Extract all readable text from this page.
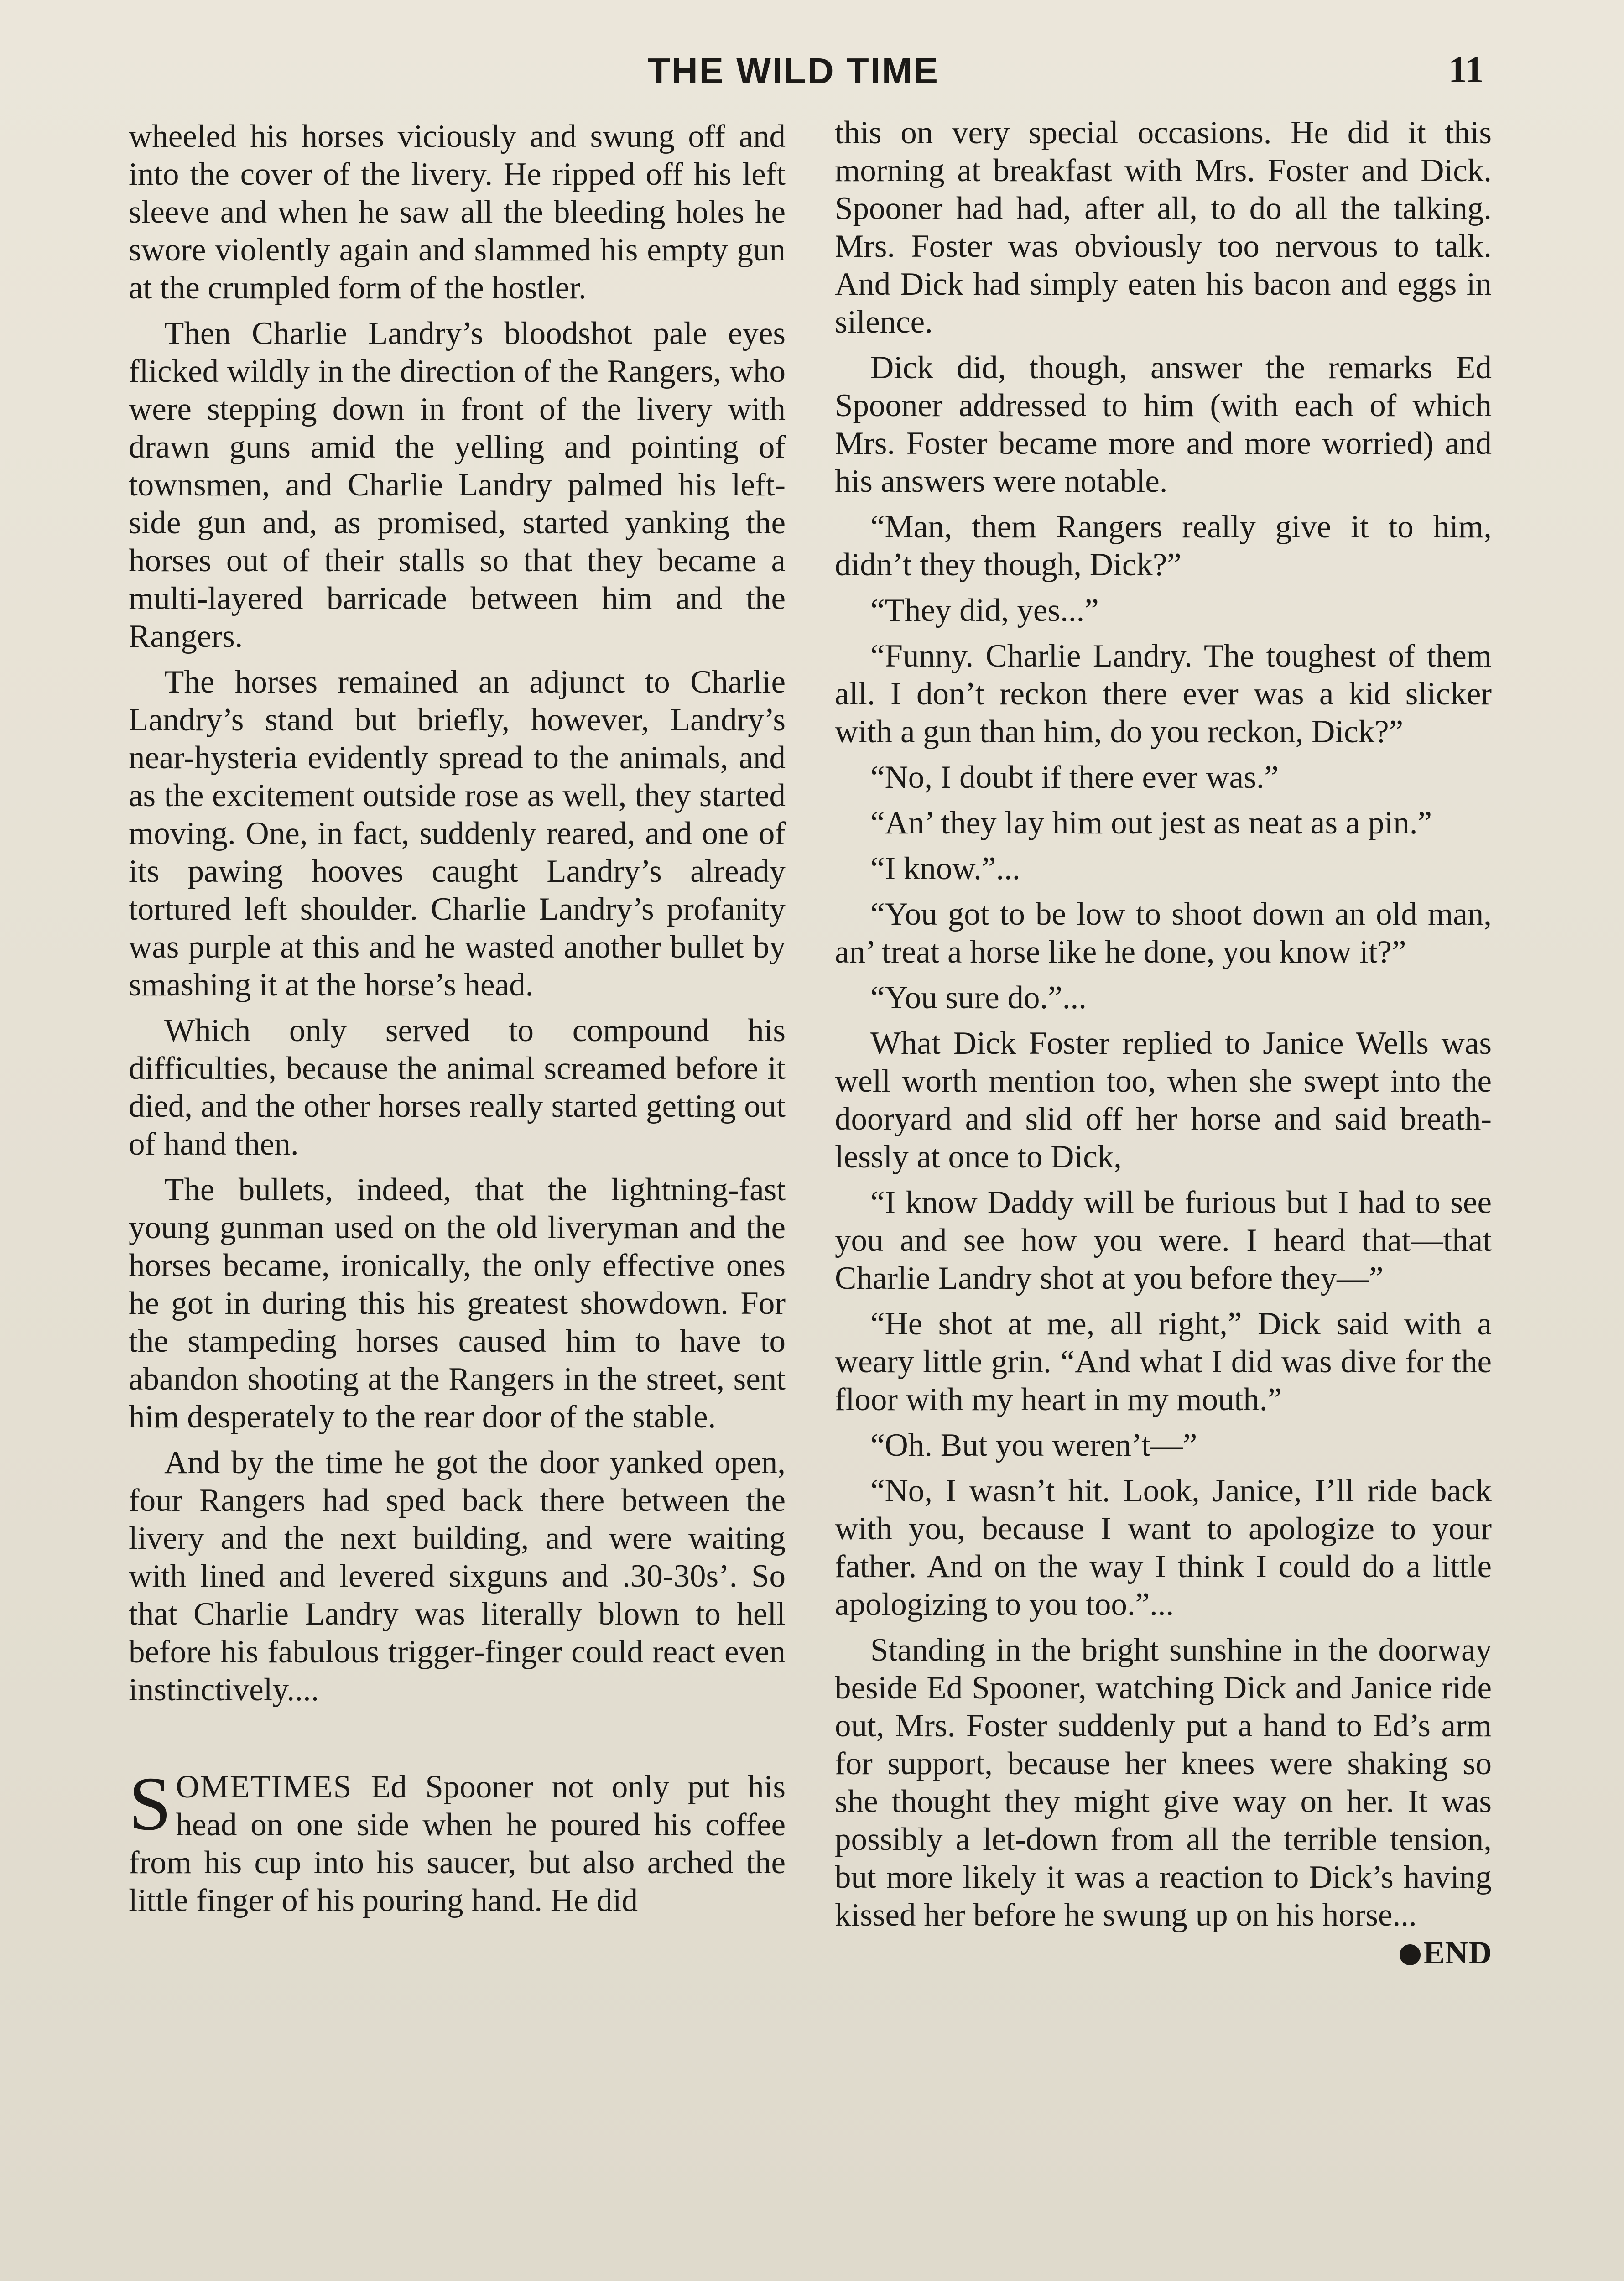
THE WILD TIME	11

wheeled his horses viciously and swung off and into the cover of the livery. He ripped off his left sleeve and when he saw all the bleeding holes he swore violently again and slammed his empty gun at the crumpled form of the hostler.

Then Charlie Landry’s bloodshot pale eyes flicked wildly in the direction of the Rangers, who were stepping down in front of the livery with drawn guns amid the yelling and pointing of townsmen, and Charlie Landry palmed his left-side gun and, as promised, started yanking the horses out of their stalls so that they became a multi-layered barricade between him and the Rangers.

The horses remained an adjunct to Charlie Landry’s stand but briefly, however, Landry’s near-hysteria evidently spread to the animals, and as the excitement outside rose as well, they started moving. One, in fact, suddenly reared, and one of its pawing hooves caught Landry’s already tortured left shoulder. Charlie Landry’s profanity was purple at this and he wasted another bullet by smashing it at the horse’s head.

Which only served to compound his difficulties, because the animal screamed before it died, and the other horses really started getting out of hand then.

The bullets, indeed, that the lightning-fast young gunman used on the old liveryman and the horses became, ironically, the only effective ones he got in during this his greatest showdown. For the stampeding horses caused him to have to abandon shooting at the Rangers in the street, sent him desperately to the rear door of the stable.

And by the time he got the door yanked open, four Rangers had sped back there between the livery and the next building, and were waiting with lined and levered sixguns and .30-30s’. So that Charlie Landry was literally blown to hell before his fabulous trigger-finger could react even instinctively....

SOMETIMES Ed Spooner not only put his head on one side when he poured his coffee from his cup into his saucer, but also arched the little finger of his pouring hand. He did

this on very special occasions. He did it this morning at breakfast with Mrs. Foster and Dick. Spooner had had, after all, to do all the talking. Mrs. Foster was obviously too nervous to talk. And Dick had simply eaten his bacon and eggs in silence.

Dick did, though, answer the remarks Ed Spooner addressed to him (with each of which Mrs. Foster became more and more worried) and his answers were notable.

“Man, them Rangers really give it to him, didn’t they though, Dick?”

“They did, yes...”

“Funny. Charlie Landry. The toughest of them all. I don’t reckon there ever was a kid slicker with a gun than him, do you reckon, Dick?”

“No, I doubt if there ever was.”

“An’ they lay him out jest as neat as a pin.”

“I know.”...

“You got to be low to shoot down an old man, an’ treat a horse like he done, you know it?”

“You sure do.”...

What Dick Foster replied to Janice Wells was well worth mention too, when she swept into the dooryard and slid off her horse and said breathlessly at once to Dick,

“I know Daddy will be furious but I had to see you and see how you were. I heard that—that Charlie Landry shot at you before they—”

“He shot at me, all right,” Dick said with a weary little grin. “And what I did was dive for the floor with my heart in my mouth.”

“Oh. But you weren’t—”

“No, I wasn’t hit. Look, Janice, I’ll ride back with you, because I want to apologize to your father. And on the way I think I could do a little apologizing to you too.”...

Standing in the bright sunshine in the doorway beside Ed Spooner, watching Dick and Janice ride out, Mrs. Foster suddenly put a hand to Ed’s arm for support, because her knees were shaking so she thought they might give way on her. It was possibly a let-down from all the terrible tension, but more likely it was a reaction to Dick’s having kissed her before he swung up on his horse...
END
